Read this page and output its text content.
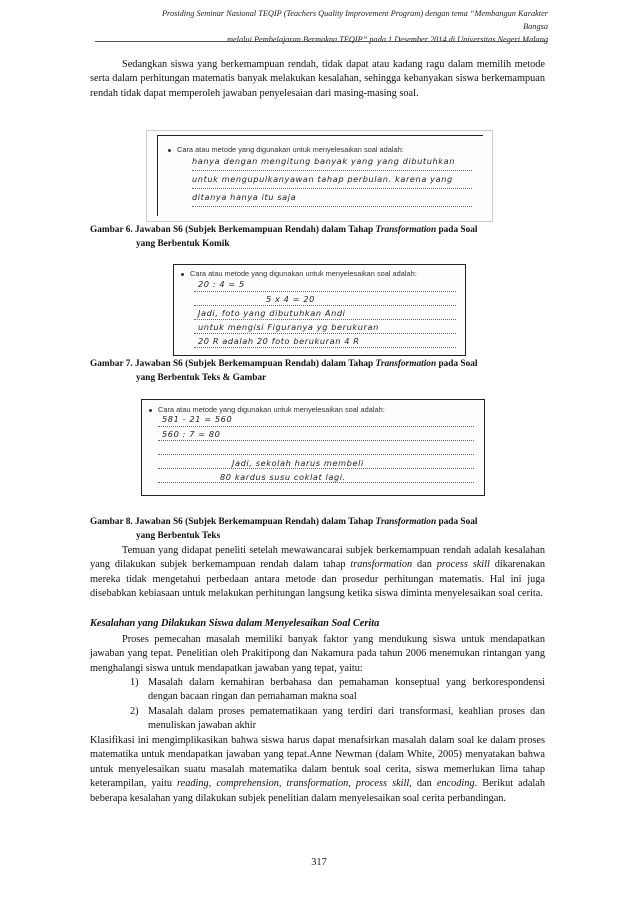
Prosiding Seminar Nasional TEQIP (Teachers Quality Improvement Program) dengan tema “Membangun Karakter Bangsa
melalui Pembelajaran Bermakna TEQIP” pada 1 Desember 2014 di Universitas Negeri Malang
Sedangkan siswa yang berkemampuan rendah, tidak dapat atau kadang ragu dalam memilih metode serta dalam perhitungan matematis banyak melakukan kesalahan, sehingga kebanyakan siswa berkemampuan rendah tidak dapat memperoleh jawaban penyelesaian dari masing-masing soal.
Cara atau metode yang digunakan untuk menyelesaikan soal adalah:
hanya dengan mengitung banyak yang yang dibutuhkan
untuk mengupulkanyawan tahap perbulan. karena yang
ditanya hanya itu saja
Gambar 6. Jawaban S6 (Subjek Berkemampuan Rendah) dalam Tahap Transformation pada Soal
yang Berbentuk Komik
Cara atau metode yang digunakan untuk menyelesaikan soal adalah:
20 : 4 = 5
5 x 4 = 20
Jadi, foto yang dibutuhkan Andi
untuk mengisi Figuranya yg berukuran
20 R adalah 20 foto berukuran 4 R
Gambar 7. Jawaban S6 (Subjek Berkemampuan Rendah) dalam Tahap Transformation pada Soal
yang Berbentuk Teks & Gambar
Cara atau metode yang digunakan untuk menyelesaikan soal adalah:
581 - 21 = 560
560 : 7 = 80
Jadi, sekolah harus membeli
80 kardus susu coklat lagi.
Gambar 8. Jawaban S6 (Subjek Berkemampuan Rendah) dalam Tahap Transformation pada Soal
yang Berbentuk Teks
Temuan yang didapat peneliti setelah mewawancarai subjek berkemampuan rendah adalah kesalahan yang dilakukan subjek berkemampuan rendah dalam tahap transformation dan process skill dikarenakan mereka tidak mengetahui perbedaan antara metode dan prosedur perhitungan matematis. Hal ini juga disebabkan kebiasaan untuk melakukan perhitungan langsung ketika siswa diminta menyelesaikan soal cerita.
Kesalahan yang Dilakukan Siswa dalam Menyelesaikan Soal Cerita
Proses pemecahan masalah memiliki banyak faktor yang mendukung siswa untuk mendapatkan jawaban yang tepat. Penelitian oleh Prakitipong dan Nakamura pada tahun 2006 menemukan rintangan yang menghalangi siswa untuk mendapatkan jawaban yang tepat, yaitu:
1) Masalah dalam kemahiran berbahasa dan pemahaman konseptual yang berkorespondensi dengan bacaan ringan dan pemahaman makna soal
2) Masalah dalam proses pematematikaan yang terdiri dari transformasi, keahlian proses dan menuliskan jawaban akhir
Klasifikasi ini mengimplikasikan bahwa siswa harus dapat menafsirkan masalah dalam soal ke dalam proses matematika untuk mendapatkan jawaban yang tepat.Anne Newman (dalam White, 2005) menyatakan bahwa untuk menyelesaikan suatu masalah matematika dalam bentuk soal cerita, siswa memerlukan lima tahap keterampilan, yaitu reading, comprehension, transformation, process skill, dan encoding. Berikut adalah beberapa kesalahan yang dilakukan subjek penelitian dalam menyelesaikan soal cerita perbandingan.
317
